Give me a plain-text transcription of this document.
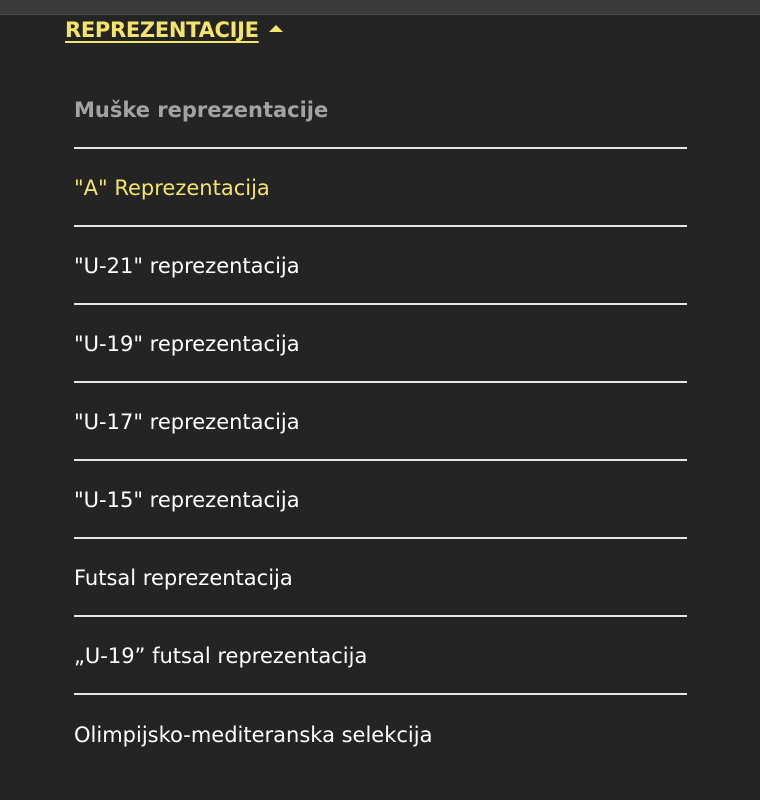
REPREZENTACIJE
Muške reprezentacije
"A" Reprezentacija
"U-21" reprezentacija
"U-19" reprezentacija
"U-17" reprezentacija
"U-15" reprezentacija
Futsal reprezentacija
„U-19” futsal reprezentacija
Olimpijsko-mediteranska selekcija
